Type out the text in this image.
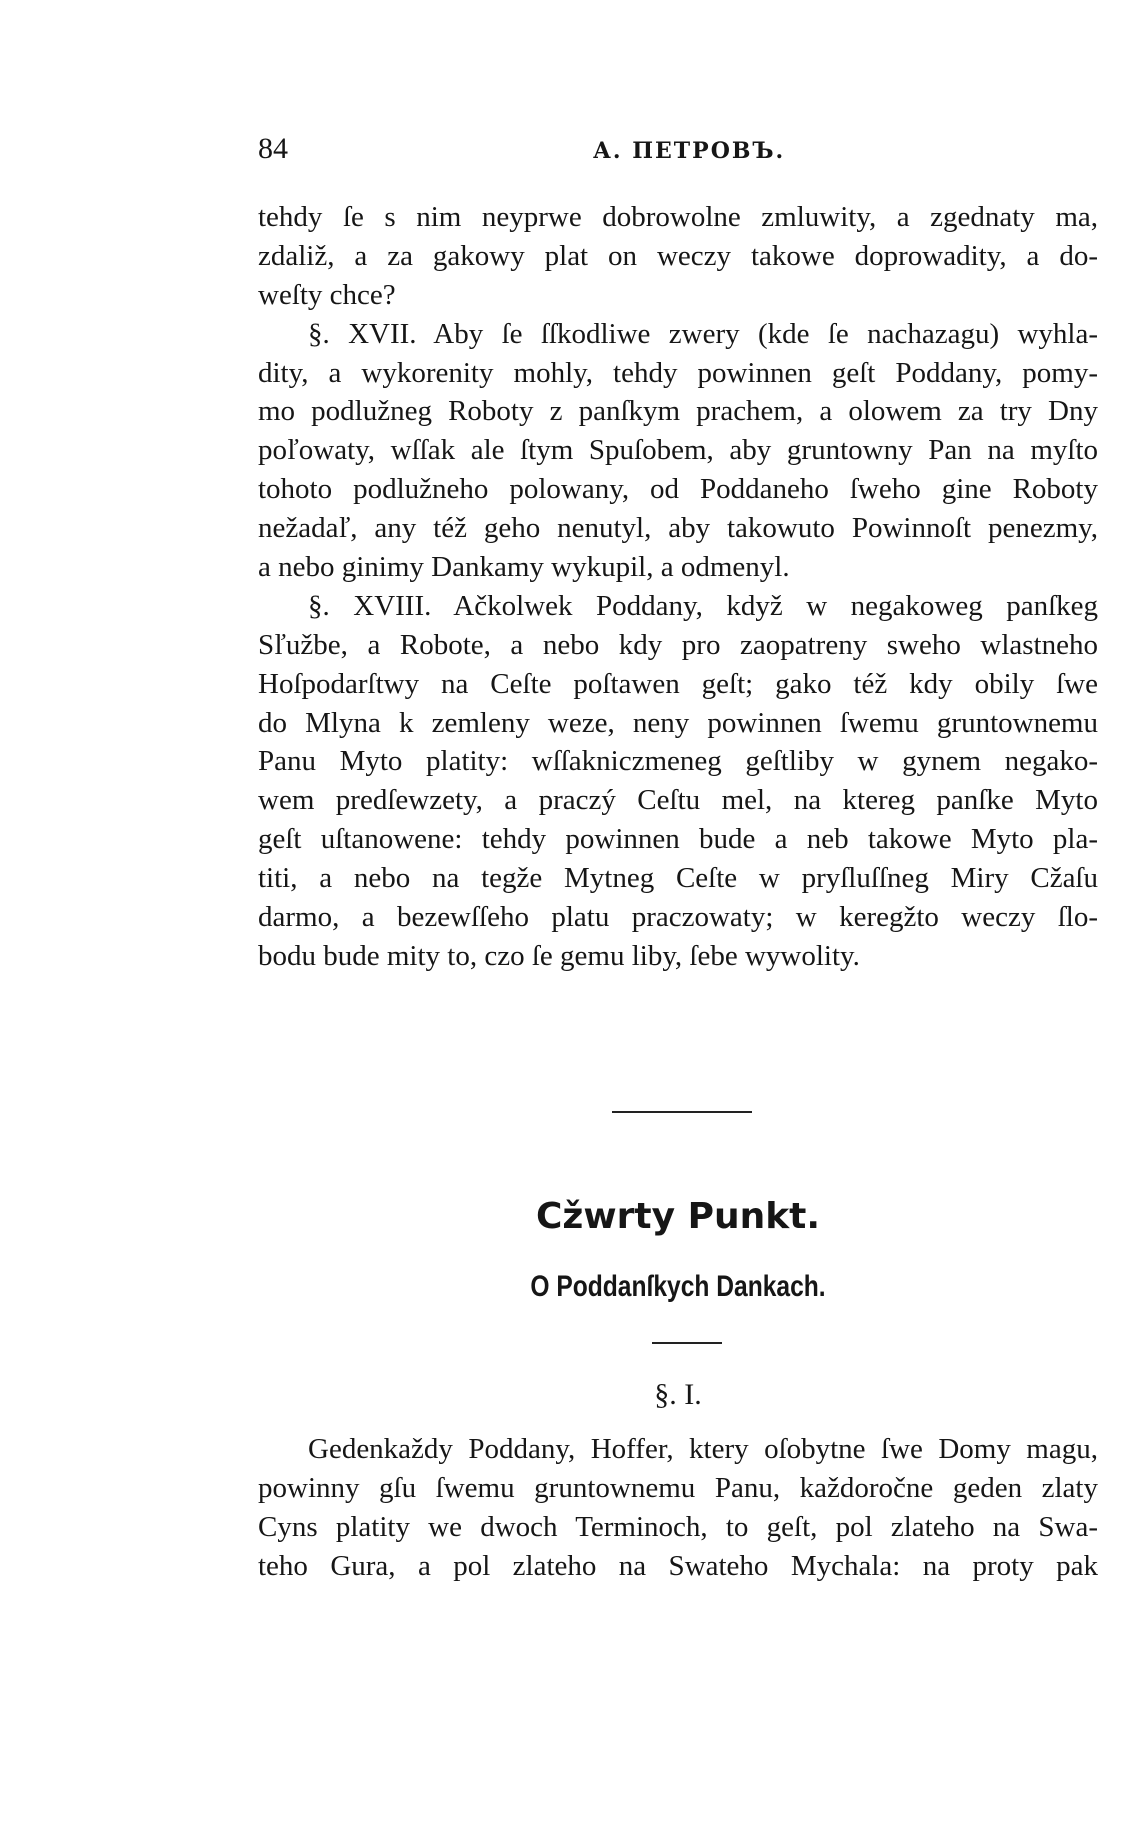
84	А. ПЕТРОВЪ.
tehdy ſe s nim neyprwe dobrowolne zmluwity, a zgednaty ma,
zdaliž, a za gakowy plat on weczy takowe doprowadity, a do-
weſty chce?
§. XVII. Aby ſe ſſkodliwe zwery (kde ſe nachazagu) wyhla-
dity, a wykorenity mohly, tehdy powinnen geſt Poddany, pomy-
mo podlužneg Roboty z panſkym prachem, a olowem za try Dny
poľowaty, wſſak ale ſtym Spuſobem, aby gruntowny Pan na myſto
tohoto podlužneho polowany, od Poddaneho ſweho gine Roboty
nežadaľ, any též geho nenutyl, aby takowuto Powinnoſt penezmy,
a nebo ginimy Dankamy wykupil, a odmenyl.
§. XVIII. Ačkolwek Poddany, když w negakoweg panſkeg
Sľužbe, a Robote, a nebo kdy pro zaopatreny sweho wlastneho
Hoſpodarſtwy na Ceſte poſtawen geſt; gako též kdy obily ſwe
do Mlyna k zemleny weze, neny powinnen ſwemu gruntownemu
Panu Myto platity: wſſakniczmeneg geſtliby w gynem negako-
wem predſewzety, a praczý Ceſtu mel, na ktereg panſke Myto
geſt uſtanowene: tehdy powinnen bude a neb takowe Myto pla-
titi, a nebo na tegže Mytneg Ceſte w pryſluſſneg Miry Cžaſu
darmo, a bezewſſeho platu praczowaty; w keregžto weczy ſlo-
bodu bude mity to, czo ſe gemu liby, ſebe wywolity.
Cžwrty Punkt.
O Poddanſkych Dankach.
§. I.
Gedenkaždy Poddany, Hoffer, ktery oſobytne ſwe Domy magu,
powinny gſu ſwemu gruntownemu Panu, každoročne geden zlaty
Cyns platity we dwoch Terminoch, to geſt, pol zlateho na Swa-
teho Gura, a pol zlateho na Swateho Mychala: na proty pak
